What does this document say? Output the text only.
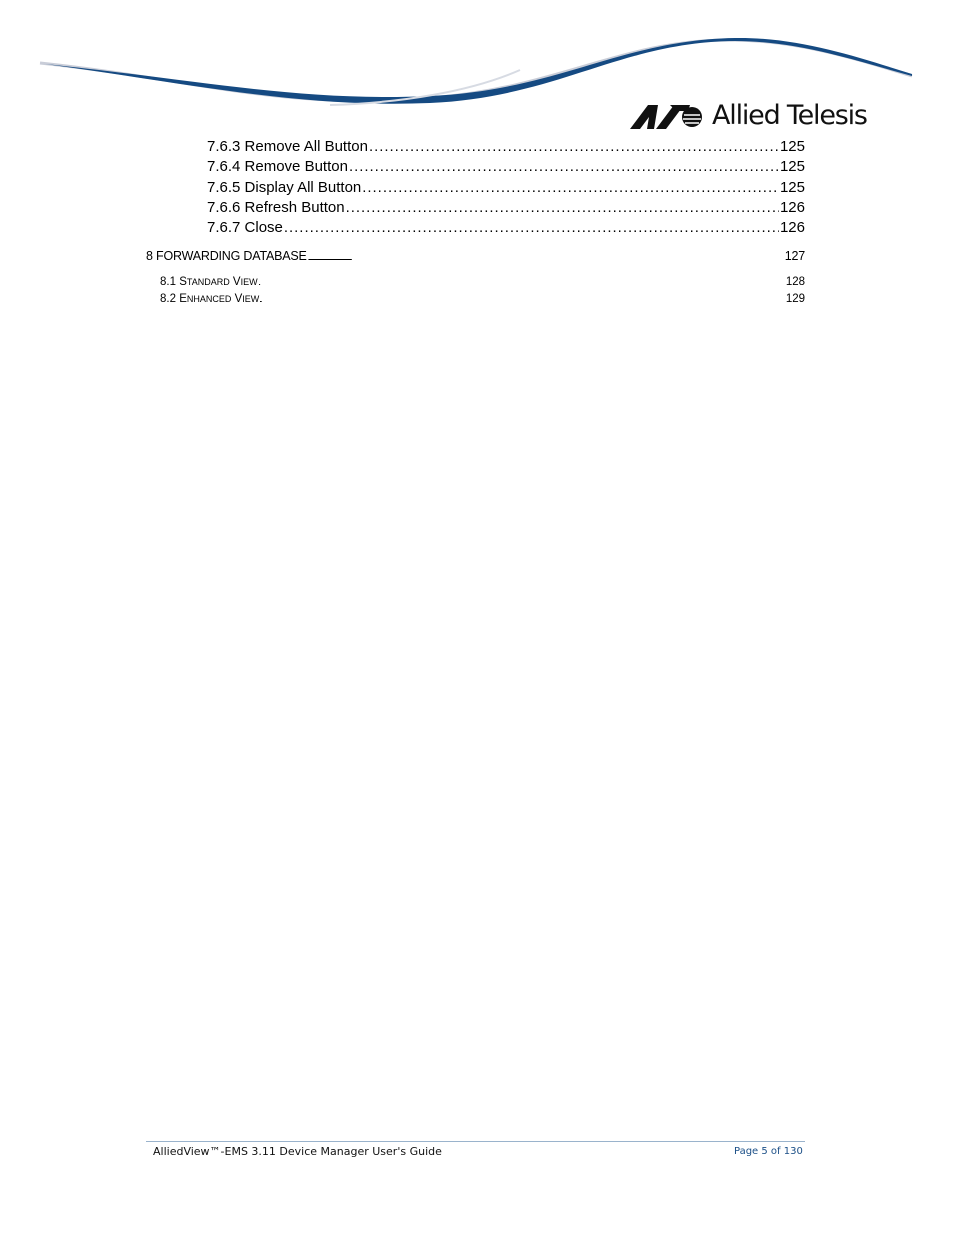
Allied Telesis
7.6.3
Remove All Button . . .	125
7.6.4
Remove Button . . .	125
7.6.5
Display All Button . . .	125
7.6.6
Refresh Button . . .	126
7.6.7
Close . . .	126
8
FORWARDING DATABASE . . .	127
8.1
STANDARD VIEW . . .	128
8.2
ENHANCED VIEW . . .	129
AlliedView™-EMS 3.11 Device Manager User's Guide	Page 5 of 130
